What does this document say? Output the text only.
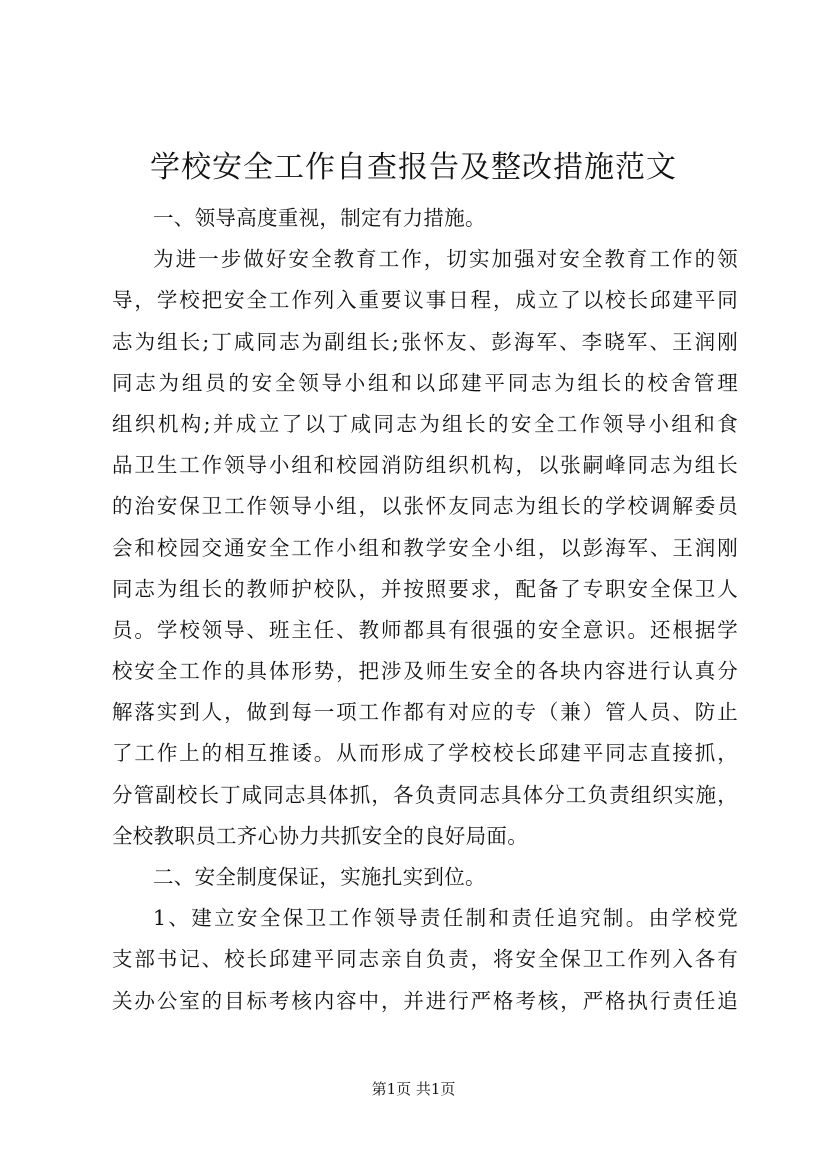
学校安全工作自查报告及整改措施范文
一、领导高度重视，制定有力措施。
为进一步做好安全教育工作，切实加强对安全教育工作的领
导，学校把安全工作列入重要议事日程，成立了以校长邱建平同
志为组长;丁咸同志为副组长;张怀友、彭海军、李晓军、王润刚
同志为组员的安全领导小组和以邱建平同志为组长的校舍管理
组织机构;并成立了以丁咸同志为组长的安全工作领导小组和食
品卫生工作领导小组和校园消防组织机构，以张嗣峰同志为组长
的治安保卫工作领导小组，以张怀友同志为组长的学校调解委员
会和校园交通安全工作小组和教学安全小组，以彭海军、王润刚
同志为组长的教师护校队，并按照要求，配备了专职安全保卫人
员。学校领导、班主任、教师都具有很强的安全意识。还根据学
校安全工作的具体形势，把涉及师生安全的各块内容进行认真分
解落实到人，做到每一项工作都有对应的专（兼）管人员、防止
了工作上的相互推诿。从而形成了学校校长邱建平同志直接抓，
分管副校长丁咸同志具体抓，各负责同志具体分工负责组织实施，
全校教职员工齐心协力共抓安全的良好局面。
二、安全制度保证，实施扎实到位。
1、建立安全保卫工作领导责任制和责任追究制。由学校党
支部书记、校长邱建平同志亲自负责，将安全保卫工作列入各有
关办公室的目标考核内容中，并进行严格考核，严格执行责任追
第1页 共1页
